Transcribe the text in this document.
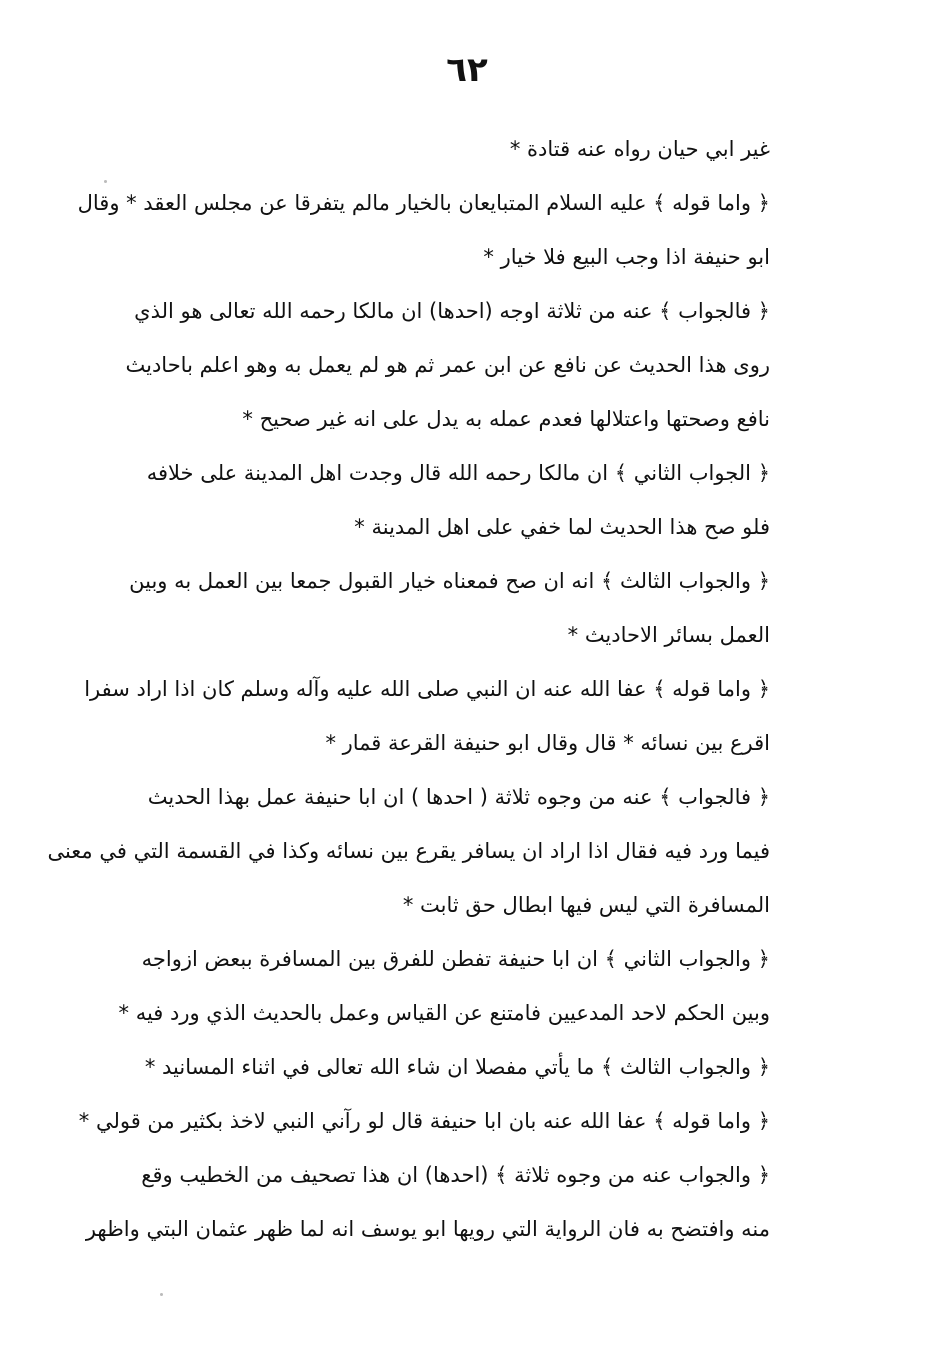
٦٢
غير ابي حيان رواه عنه قتادة *
﴿ واما قوله ﴾ عليه السلام المتبايعان بالخيار مالم يتفرقا عن مجلس العقد * وقال
ابو حنيفة اذا وجب البيع فلا خيار *
﴿ فالجواب ﴾ عنه من ثلاثة اوجه (احدها) ان مالكا رحمه الله تعالى هو الذي
روى هذا الحديث عن نافع عن ابن عمر ثم هو لم يعمل به وهو اعلم باحاديث
نافع وصحتها واعتلالها فعدم عمله به يدل على انه غير صحيح *
﴿ الجواب الثاني ﴾ ان مالكا رحمه الله قال وجدت اهل المدينة على خلافه
فلو صح هذا الحديث لما خفي على اهل المدينة *
﴿ والجواب الثالث ﴾ انه ان صح فمعناه خيار القبول جمعا بين العمل به وبين
العمل بسائر الاحاديث *
﴿ واما قوله ﴾ عفا الله عنه ان النبي صلى الله عليه وآله وسلم كان اذا اراد سفرا
اقرع بين نسائه * قال وقال ابو حنيفة القرعة قمار *
﴿ فالجواب ﴾ عنه من وجوه ثلاثة ( احدها ) ان ابا حنيفة عمل بهذا الحديث
فيما ورد فيه فقال اذا اراد ان يسافر يقرع بين نسائه وكذا في القسمة التي في معنى
المسافرة التي ليس فيها ابطال حق ثابت *
﴿ والجواب الثاني ﴾ ان ابا حنيفة تفطن للفرق بين المسافرة ببعض ازواجه
وبين الحكم لاحد المدعيين فامتنع عن القياس وعمل بالحديث الذي ورد فيه *
﴿ والجواب الثالث ﴾ ما يأتي مفصلا ان شاء الله تعالى في اثناء المسانيد *
﴿ واما قوله ﴾ عفا الله عنه بان ابا حنيفة قال لو رآني النبي لاخذ بكثير من قولي *
﴿ والجواب عنه من وجوه ثلاثة ﴾ (احدها) ان هذا تصحيف من الخطيب وقع
منه وافتضح به فان الرواية التي رويها ابو يوسف انه لما ظهر عثمان البتي واظهر
